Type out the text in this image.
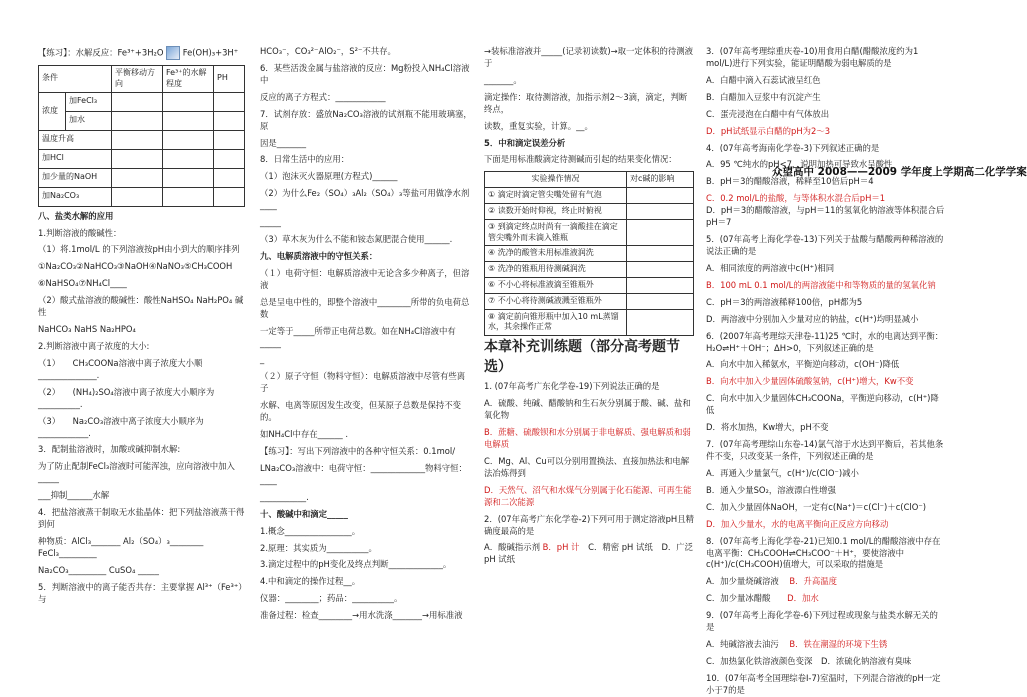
【练习】：水解反应：Fe³⁺+3H₂O Fe(OH)₃+3H⁺

条件		平衡移动方向	Fe³⁺的水解程度	PH

浓度	加FeCl₃			
	加水			
温度升高				
加HCl				
加少量的NaOH				
加Na₂CO₃				

八、盐类水解的应用

1.判断溶液的酸碱性：

（1）将.1mol/L 的下列溶液按pH由小到大的顺序排列

①Na₂CO₃②NaHCO₃③NaOH④NaNO₃⑤CH₃COOH

⑥NaHSO₄⑦NH₄Cl____

（2）酸式盐溶液的酸碱性：酸性NaHSO₄ NaH₂PO₄ 碱性

NaHCO₃ NaHS Na₂HPO₄

2.判断溶液中离子浓度的大小:

（1）　　CH₃COONa溶液中离子浓度大小顺______________.

（2）　　(NH₄)₂SO₄溶液中离子浓度大小顺序为__________.

（3）　　Na₂CO₃溶液中离子浓度大小顺序为____________.

3．配制盐溶液时，加酸或碱抑制水解:

为了防止配制FeCl₃溶液时可能浑浊，应向溶液中加入_____

___抑制______水解

4．把盐溶液蒸干制取无水盐晶体：把下列盐溶液蒸干得到何

种物质：AlCl₃_______ Al₂（SO₄）₃________ FeCl₃_________

Na₂CO₃_________ CuSO₄ _____

5．判断溶液中的离子能否共存：主要掌握 Al³⁺（Fe³⁺）与

HCO₃⁻，CO₃²⁻AlO₂⁻，S²⁻不共存。

6．某些活泼金属与盐溶液的反应：Mg粉投入NH₄Cl溶液中

反应的离子方程式：____________

7．试剂存放：盛放Na₂CO₃溶液的试剂瓶不能用玻璃塞，原

因是_______

8．日常生活中的应用：

（1）泡沫灭火器原理(方程式)______

（2）为什么Fe₂（SO₄）₃Al₂（SO₄）₃等盐可用做净水剂____

_____

（3）草木灰为什么不能和铵态氮肥混合使用______.

九、电解质溶液中的守恒关系：

（１）电荷守恒：电解质溶液中无论含多少种离子，但溶液

总是呈电中性的，即整个溶液中________所带的负电荷总数

一定等于_____所带正电荷总数。如在NH₄Cl溶液中有_____

_

（２）原子守恒（物料守恒）：电解质溶液中尽管有些离子

水解、电离等原因发生改变，但某原子总数是保持不变的。

如NH₄Cl中存在______ .

【练习】：写出下列溶液中的各种守恒关系：0.1mol/

LNa₂CO₃溶液中：电荷守恒：_____________物料守恒：____

___________.

十、酸碱中和滴定_____

1.概念________________。

2.原理：其实质为__________。

3.滴定过程中的pH变化及终点判断_____________。

4.中和滴定的操作过程__。

仪器：________；药品：__________。

准备过程：检查________→用水洗涤_______→用标准液

→装标准溶液并_____(记录初读数)→取一定体积的待测液于

_______。

滴定操作：取待测溶液，加指示剂2～3滴，滴定，判断终点，

读数，重复实验，计算。__。

5．中和滴定误差分析

下面是用标准酸滴定待测碱而引起的结果变化情况：

实验操作情况	对c碱的影响
① 滴定时滴定管尖嘴处留有气泡	
② 读数开始时仰视，终止时俯视	
③ 到滴定终点时尚有一滴酸挂在滴定管尖嘴外而未滴入锥瓶	
④ 洗净的酸管未用标准液润洗	
⑤ 洗净的锥瓶用待测碱润洗	
⑥ 不小心将标准液滴至锥瓶外	
⑦ 不小心将待测碱液溅至锥瓶外	
⑧ 滴定前向锥形瓶中加入10 mL蒸馏水，其余操作正常	

本章补充训练题（部分高考题节选）

1. (07年高考广东化学卷-19)下列说法正确的是

A．硫酸、纯碱、醋酸钠和生石灰分别属于酸、碱、盐和氧化物

B．蔗糖、硫酸钡和水分别属于非电解质、强电解质和弱电解质

C．Mg、Al、Cu可以分别用置换法、直接加热法和电解法冶炼得到

D．天然气、沼气和水煤气分别属于化石能源、可再生能源和二次能源

2．(07年高考广东化学卷-2)下列可用于测定溶液pH且精确度最高的是

A．酸碱指示剂 B．pH 计 C．精密 pH 试纸 D．广泛 pH 试纸

3．(07年高考理综重庆卷-10)用食用白醋(醋酸浓度约为1 mol/L)进行下列实验，能证明醋酸为弱电解质的是

A．白醋中滴入石蕊试液呈红色

B．白醋加入豆浆中有沉淀产生

C．蛋壳浸泡在白醋中有气体放出

D．pH试纸显示白醋的pH为2～3

4．(07年高考海南化学卷-3)下列叙述正确的是

A．95 ℃纯水的pH<7，说明加热可导致水呈酸性

B．pH＝3的醋酸溶液，稀释至10倍后pH＝4

C．0.2 mol/L的盐酸，与等体积水混合后pH＝1

D．pH＝3的醋酸溶液，与pH＝11的氢氧化钠溶液等体积混合后pH＝7

5．(07年高考上海化学卷-13)下列关于盐酸与醋酸两种稀溶液的说法正确的是

A．相同浓度的两溶液中c(H⁺)相同

B．100 mL 0.1 mol/L的两溶液能中和等物质的量的氢氧化钠

C．pH＝3的两溶液稀释100倍，pH都为5

D．两溶液中分别加入少量对应的钠盐，c(H⁺)均明显减小

6．(2007年高考理综天津卷-11)25 ℃时，水的电离达到平衡：H₂O⇌H⁺＋OH⁻；ΔH>0，下列叙述正确的是

A．向水中加入稀氨水，平衡逆向移动，c(OH⁻)降低

B．向水中加入少量固体硫酸氢钠，c(H⁺)增大，Kw不变

C．向水中加入少量固体CH₃COONa，平衡逆向移动，c(H⁺)降低

D．将水加热，Kw增大，pH不变

7．(07年高考理综山东卷-14)氯气溶于水达到平衡后，若其他条件不变，只改变某一条件，下列叙述正确的是

A．再通入少量氯气，c(H⁺)/c(ClO⁻)减小

B．通入少量SO₂，溶液漂白性增强

C．加入少量固体NaOH，一定有c(Na⁺)＝c(Cl⁻)＋c(ClO⁻)

D．加入少量水，水的电离平衡向正反应方向移动

8．(07年高考上海化学卷-21)已知0.1 mol/L的醋酸溶液中存在电离平衡：CH₃COOH⇌CH₃COO⁻＋H⁺，要使溶液中c(H⁺)/c(CH₃COOH)值增大，可以采取的措施是

A．加少量烧碱溶液 B．升高温度

C．加少量冰醋酸 D．加水

9．(07年高考上海化学卷-6)下列过程或现象与盐类水解无关的是

A．纯碱溶液去油污 B．铁在潮湿的环境下生锈

C．加热氯化铁溶液颜色变深 D．浓硫化钠溶液有臭味

10．(07年高考全国理综卷I-7)室温时，下列混合溶液的pH一定小于7的是

众望高中 2008——2009 学年度上学期高二化学学案
